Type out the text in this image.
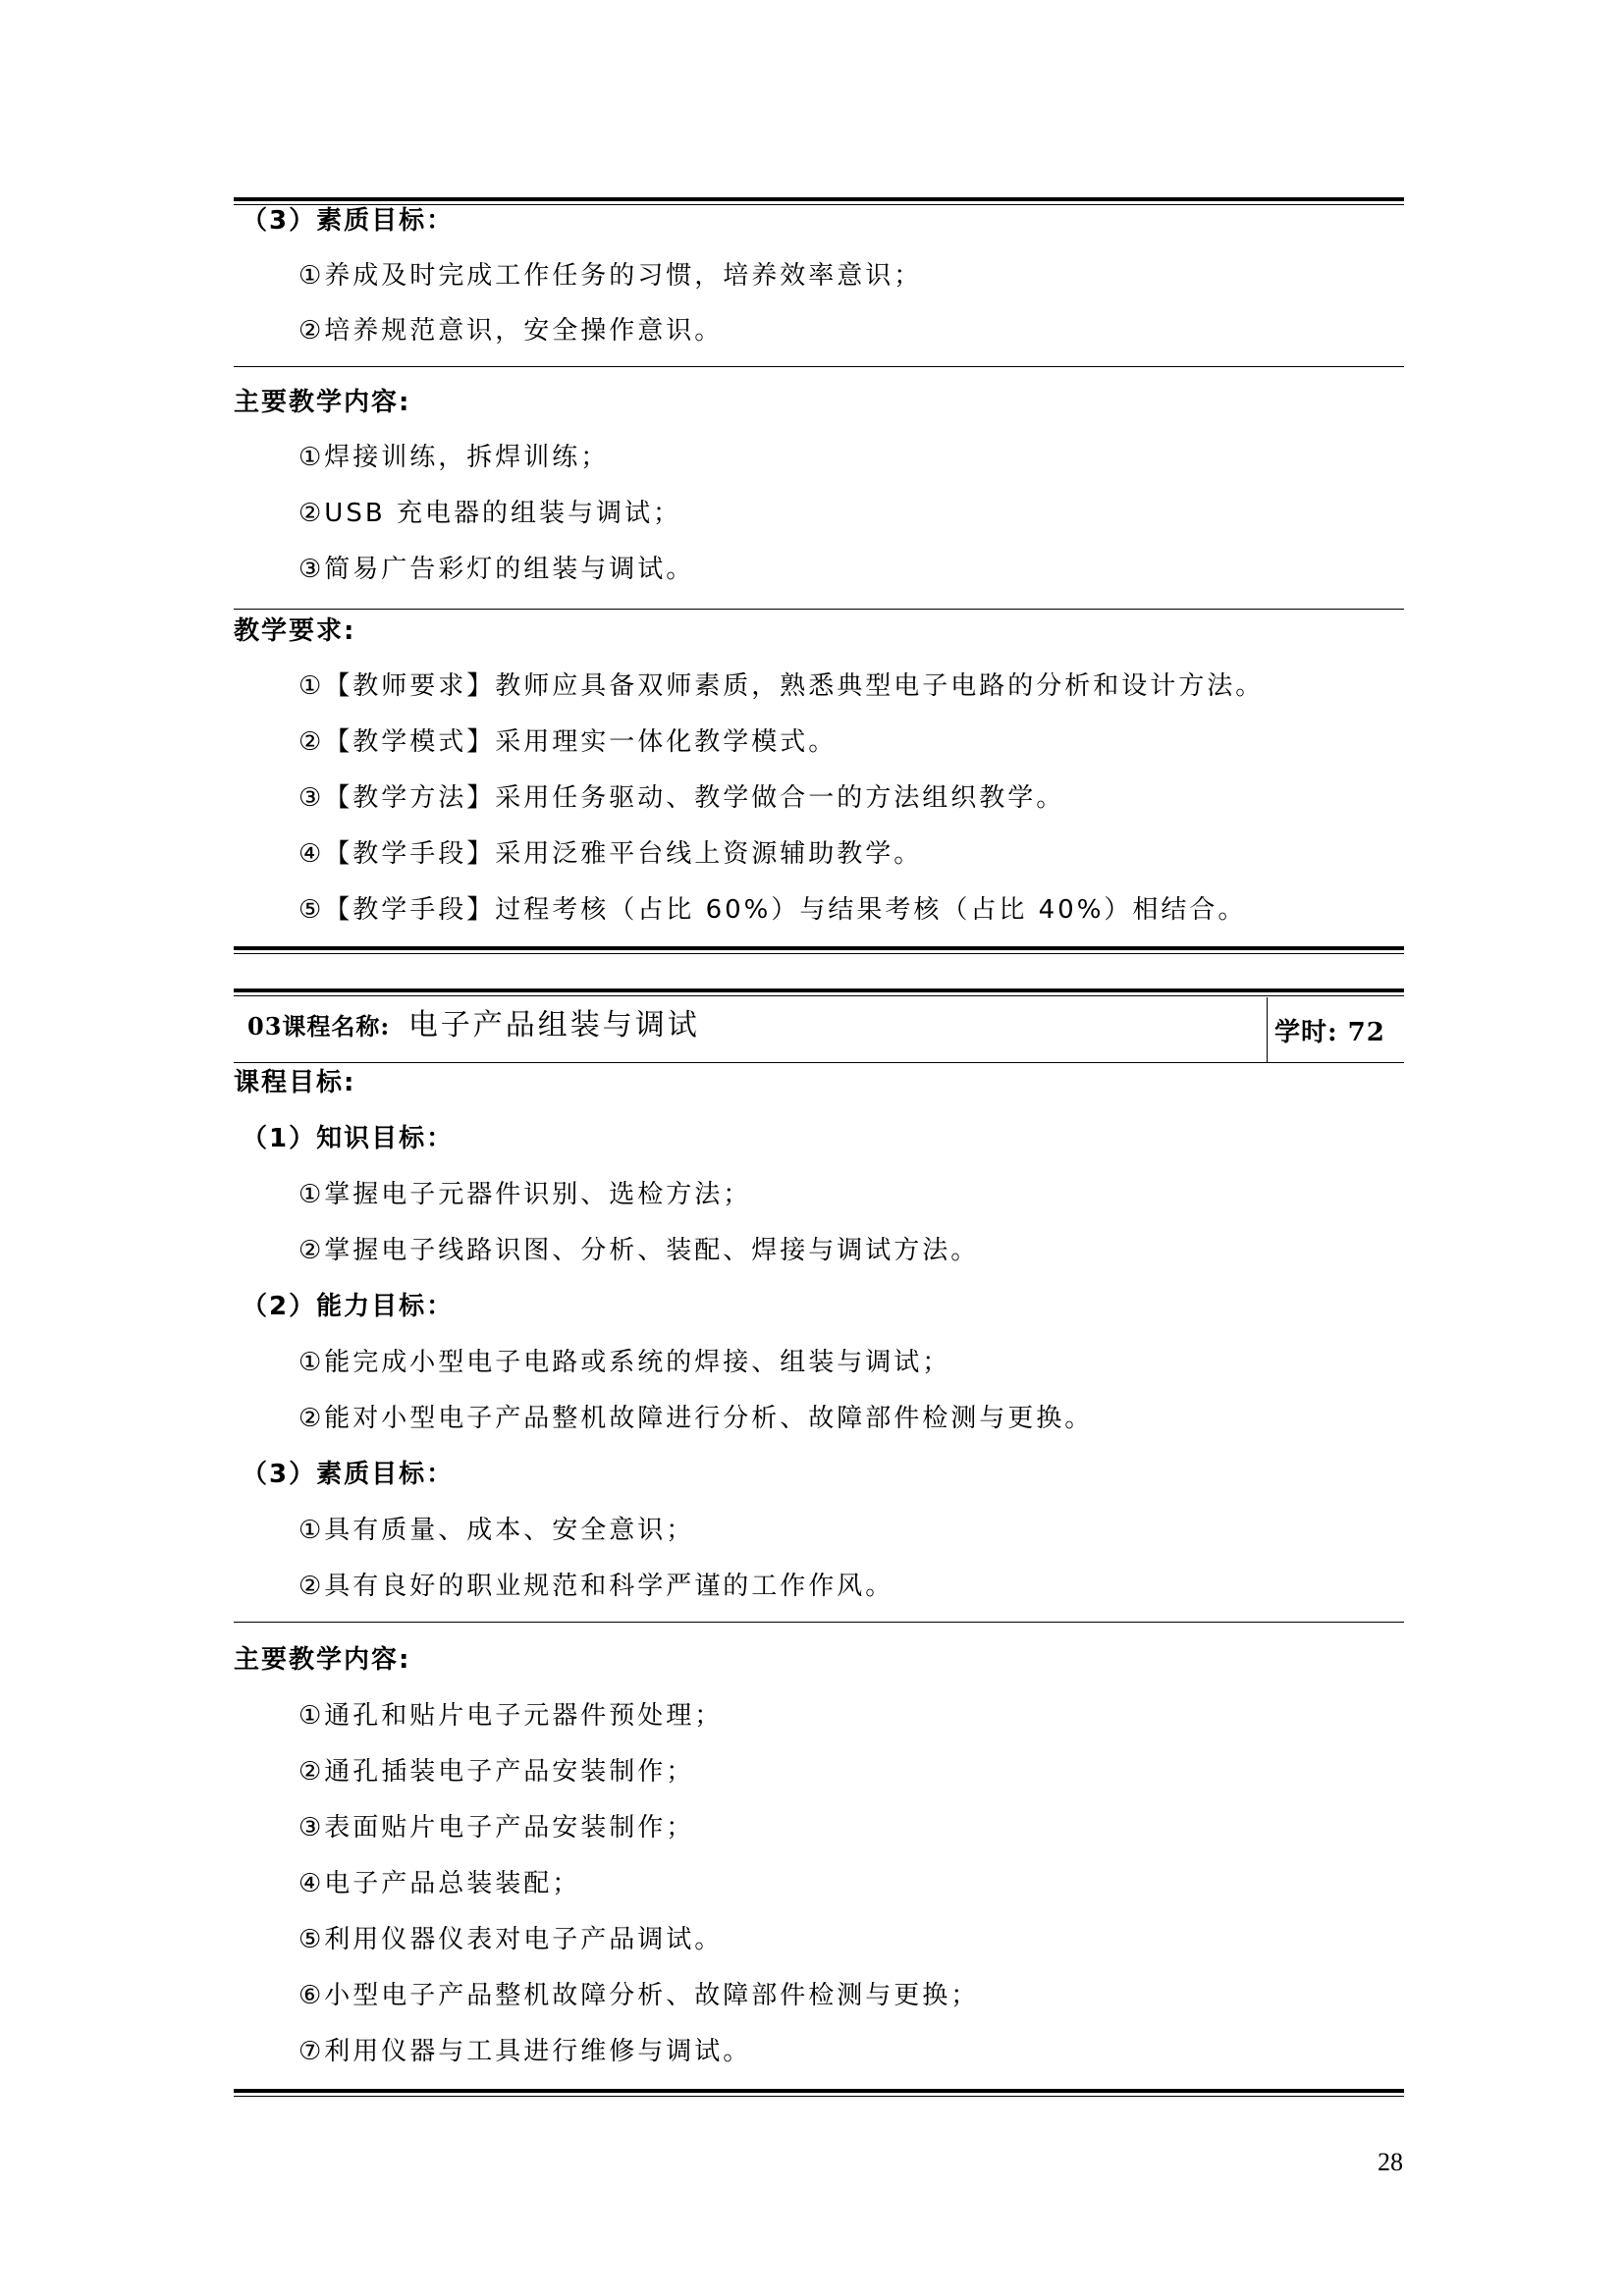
（3）素质目标：
①养成及时完成工作任务的习惯，培养效率意识；
②培养规范意识，安全操作意识。
主要教学内容:
①焊接训练，拆焊训练；
②USB 充电器的组装与调试；
③简易广告彩灯的组装与调试。
教学要求:
①【教师要求】教师应具备双师素质，熟悉典型电子电路的分析和设计方法。
②【教学模式】采用理实一体化教学模式。
③【教学方法】采用任务驱动、教学做合一的方法组织教学。
④【教学手段】采用泛雅平台线上资源辅助教学。
⑤【教学手段】过程考核（占比 60%）与结果考核（占比 40%）相结合。
03课程名称: 电子产品组装与调试	学时: 72
课程目标:
（1）知识目标：
①掌握电子元器件识别、选检方法；
②掌握电子线路识图、分析、装配、焊接与调试方法。
（2）能力目标：
①能完成小型电子电路或系统的焊接、组装与调试；
②能对小型电子产品整机故障进行分析、故障部件检测与更换。
（3）素质目标：
①具有质量、成本、安全意识；
②具有良好的职业规范和科学严谨的工作作风。
主要教学内容:
①通孔和贴片电子元器件预处理；
②通孔插装电子产品安装制作；
③表面贴片电子产品安装制作；
④电子产品总装装配；
⑤利用仪器仪表对电子产品调试。
⑥小型电子产品整机故障分析、故障部件检测与更换；
⑦利用仪器与工具进行维修与调试。
28
